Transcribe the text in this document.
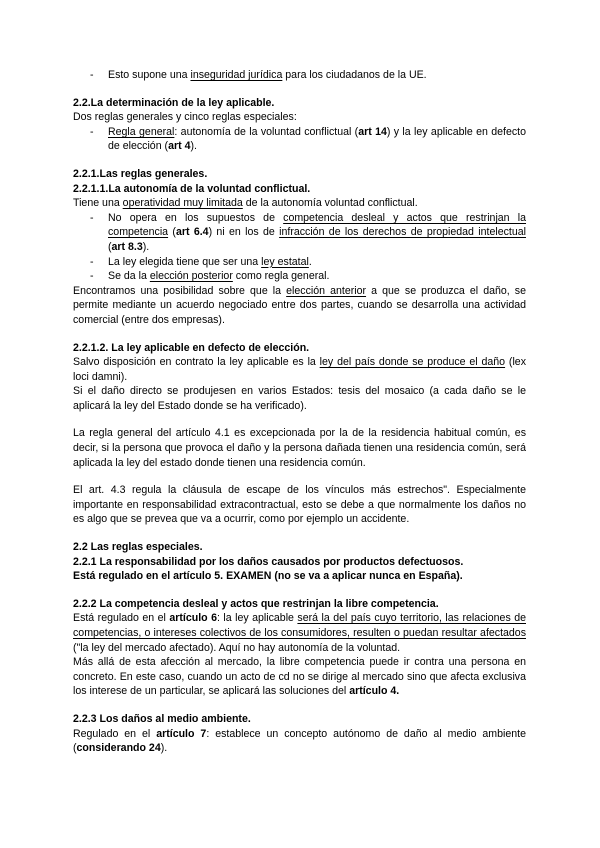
- Esto supone una inseguridad jurídica para los ciudadanos de la UE.

2.2.La determinación de la ley aplicable.

Dos reglas generales y cinco reglas especiales:

- Regla general: autonomía de la voluntad conflictual (art 14) y la ley aplicable en defecto de elección (art 4).

2.2.1.Las reglas generales.

2.2.1.1.La autonomía de la voluntad conflictual.

Tiene una operatividad muy limitada de la autonomía voluntad conflictual.

- No opera en los supuestos de competencia desleal y actos que restrinjan la competencia (art 6.4) ni en los de infracción de los derechos de propiedad intelectual (art 8.3).

- La ley elegida tiene que ser una ley estatal.

- Se da la elección posterior como regla general.

Encontramos una posibilidad sobre que la elección anterior a que se produzca el daño, se permite mediante un acuerdo negociado entre dos partes, cuando se desarrolla una actividad comercial (entre dos empresas).

2.2.1.2. La ley aplicable en defecto de elección.

Salvo disposición en contrato la ley aplicable es la ley del país donde se produce el daño (lex loci damni).

Si el daño directo se produjesen en varios Estados: tesis del mosaico (a cada daño se le aplicará la ley del Estado donde se ha verificado).

La regla general del artículo 4.1 es excepcionada por la de la residencia habitual común, es decir, si la persona que provoca el daño y la persona dañada tienen una residencia común, será aplicada la ley del estado donde tienen una residencia común.

El art. 4.3 regula la cláusula de escape de los vínculos más estrechos". Especialmente importante en responsabilidad extracontractual, esto se debe a que normalmente los daños no es algo que se prevea que va a ocurrir, como por ejemplo un accidente.

2.2 Las reglas especiales.

2.2.1 La responsabilidad por los daños causados por productos defectuosos.

Está regulado en el artículo 5. EXAMEN (no se va a aplicar nunca en España).

2.2.2 La competencia desleal y actos que restrinjan la libre competencia.

Está regulado en el artículo 6: la ley aplicable será la del país cuyo territorio, las relaciones de competencias, o intereses colectivos de los consumidores, resulten o puedan resultar afectados ("la ley del mercado afectado). Aquí no hay autonomía de la voluntad.

Más allá de esta afección al mercado, la libre competencia puede ir contra una persona en concreto. En este caso, cuando un acto de cd no se dirige al mercado sino que afecta exclusiva los interese de un particular, se aplicará las soluciones del artículo 4.

2.2.3 Los daños al medio ambiente.

Regulado en el artículo 7: establece un concepto autónomo de daño al medio ambiente (considerando 24).
